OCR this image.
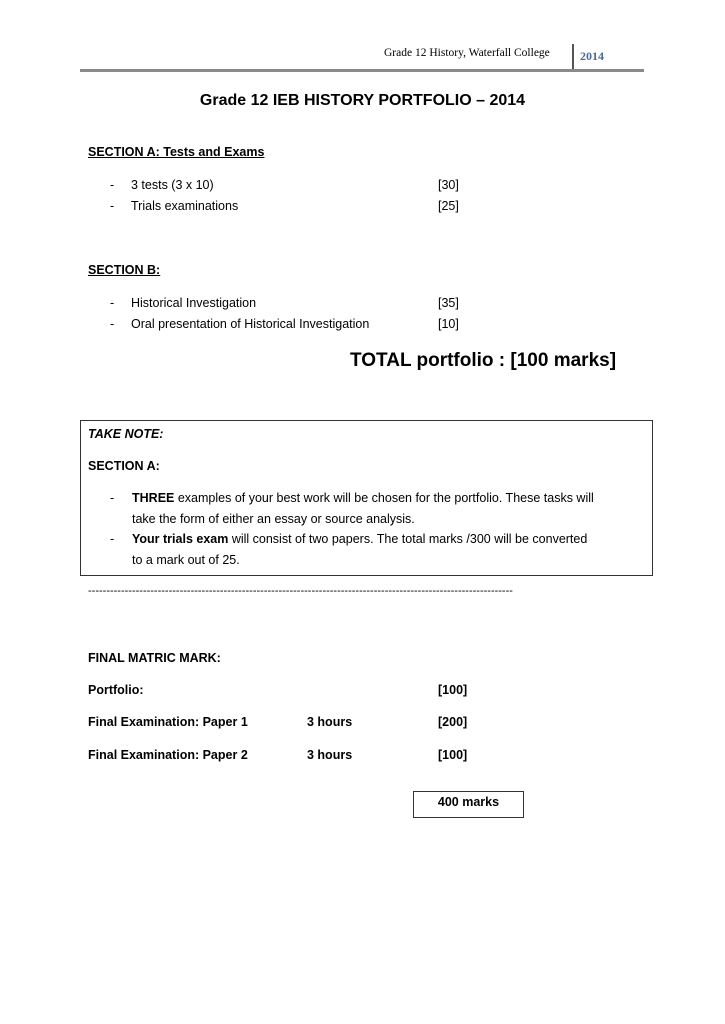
Grade 12 History, Waterfall College	2014
Grade 12 IEB HISTORY PORTFOLIO – 2014
SECTION A: Tests and Exams
- 3 tests (3 x 10)	[30]
- Trials examinations	[25]
SECTION B:
- Historical Investigation	[35]
- Oral presentation of Historical Investigation	[10]
TOTAL portfolio : [100 marks]
TAKE NOTE:
SECTION A:
- THREE examples of your best work will be chosen for the portfolio. These tasks will
take the form of either an essay or source analysis.
- Your trials exam will consist of two papers. The total marks /300 will be converted
to a mark out of 25.
--------------------------------------------------------------------------------------------------------------------
FINAL MATRIC MARK:
Portfolio:	[100]
Final Examination: Paper 1	3 hours	[200]
Final Examination: Paper 2	3 hours	[100]
400 marks
